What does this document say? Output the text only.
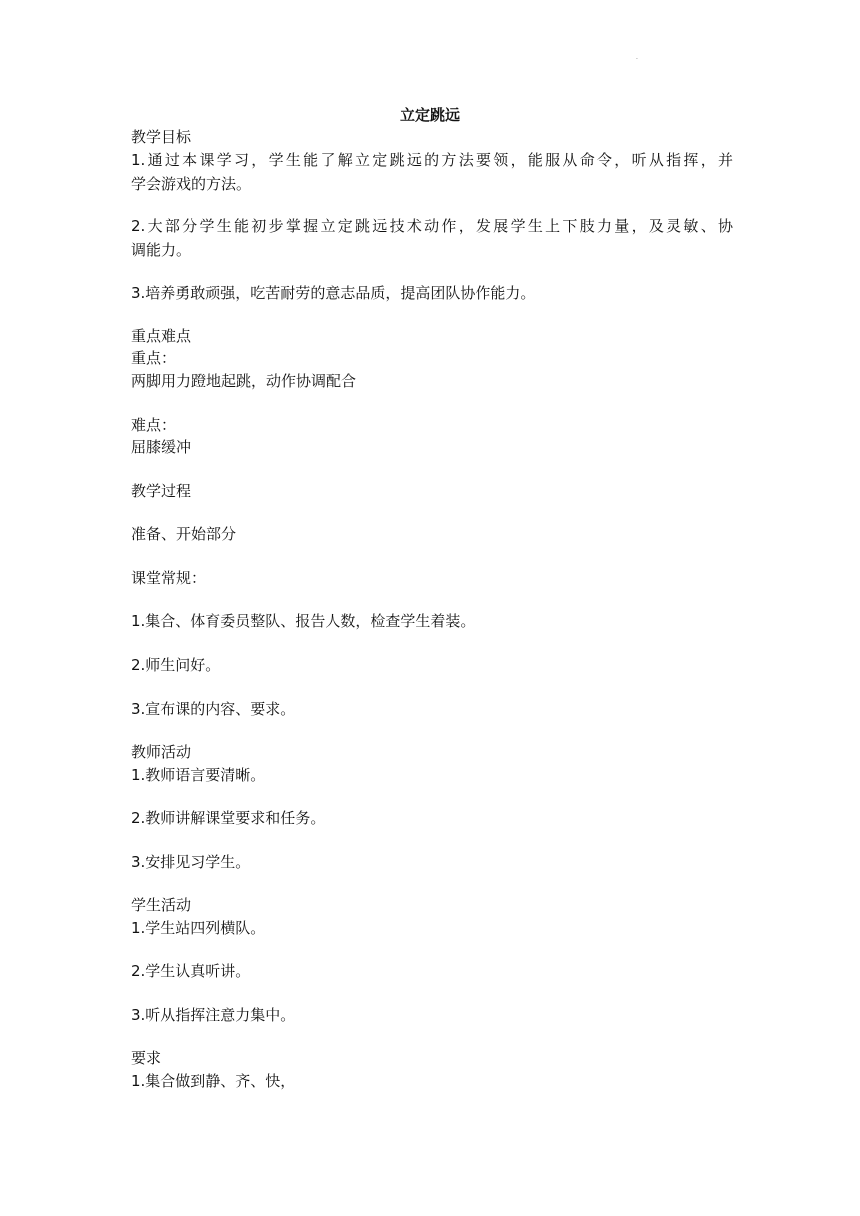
·
立定跳远
教学目标
1.通过本课学习，学生能了解立定跳远的方法要领，能服从命令，听从指挥，并
学会游戏的方法。
2.大部分学生能初步掌握立定跳远技术动作，发展学生上下肢力量，及灵敏、协
调能力。
3.培养勇敢顽强，吃苦耐劳的意志品质，提高团队协作能力。
重点难点
重点：
两脚用力蹬地起跳，动作协调配合
难点：
屈膝缓冲
教学过程
准备、开始部分
课堂常规：
1.集合、体育委员整队、报告人数，检查学生着装。
2.师生问好。
3.宣布课的内容、要求。
教师活动
1.教师语言要清晰。
2.教师讲解课堂要求和任务。
3.安排见习学生。
学生活动
1.学生站四列横队。
2.学生认真听讲。
3.听从指挥注意力集中。
要求
1.集合做到静、齐、快，
